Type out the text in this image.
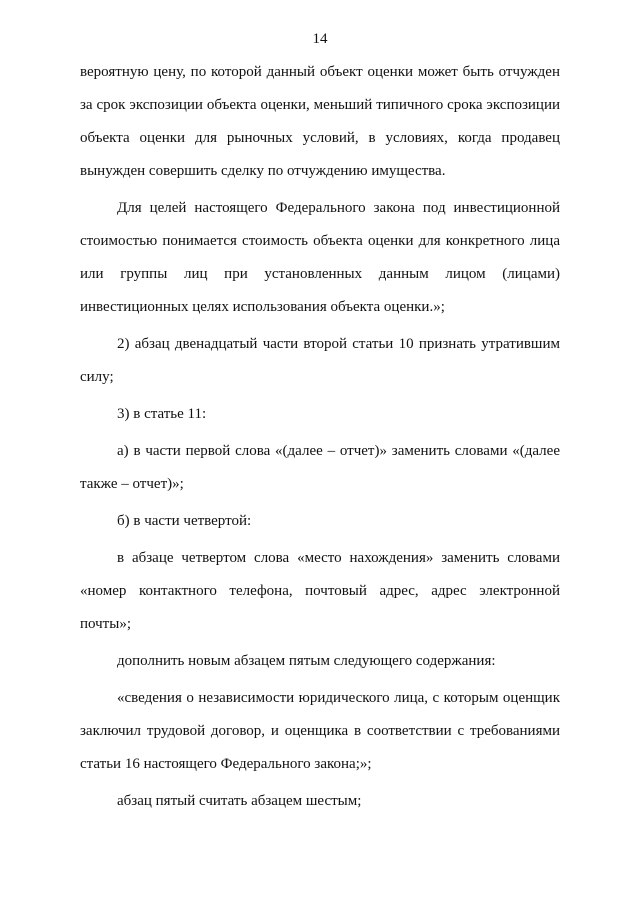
14

вероятную цену, по которой данный объект оценки может быть отчужден за срок экспозиции объекта оценки, меньший типичного срока экспозиции объекта оценки для рыночных условий, в условиях, когда продавец вынужден совершить сделку по отчуждению имущества.

Для целей настоящего Федерального закона под инвестиционной стоимостью понимается стоимость объекта оценки для конкретного лица или группы лиц при установленных данным лицом (лицами) инвестиционных целях использования объекта оценки.»;

2) абзац двенадцатый части второй статьи 10 признать утратившим силу;

3) в статье 11:

а) в части первой слова «(далее – отчет)» заменить словами «(далее также – отчет)»;

б) в части четвертой:

в абзаце четвертом слова «место нахождения» заменить словами «номер контактного телефона, почтовый адрес, адрес электронной почты»;

дополнить новым абзацем пятым следующего содержания:

«сведения о независимости юридического лица, с которым оценщик заключил трудовой договор, и оценщика в соответствии с требованиями статьи 16 настоящего Федерального закона;»;

абзац пятый считать абзацем шестым;
